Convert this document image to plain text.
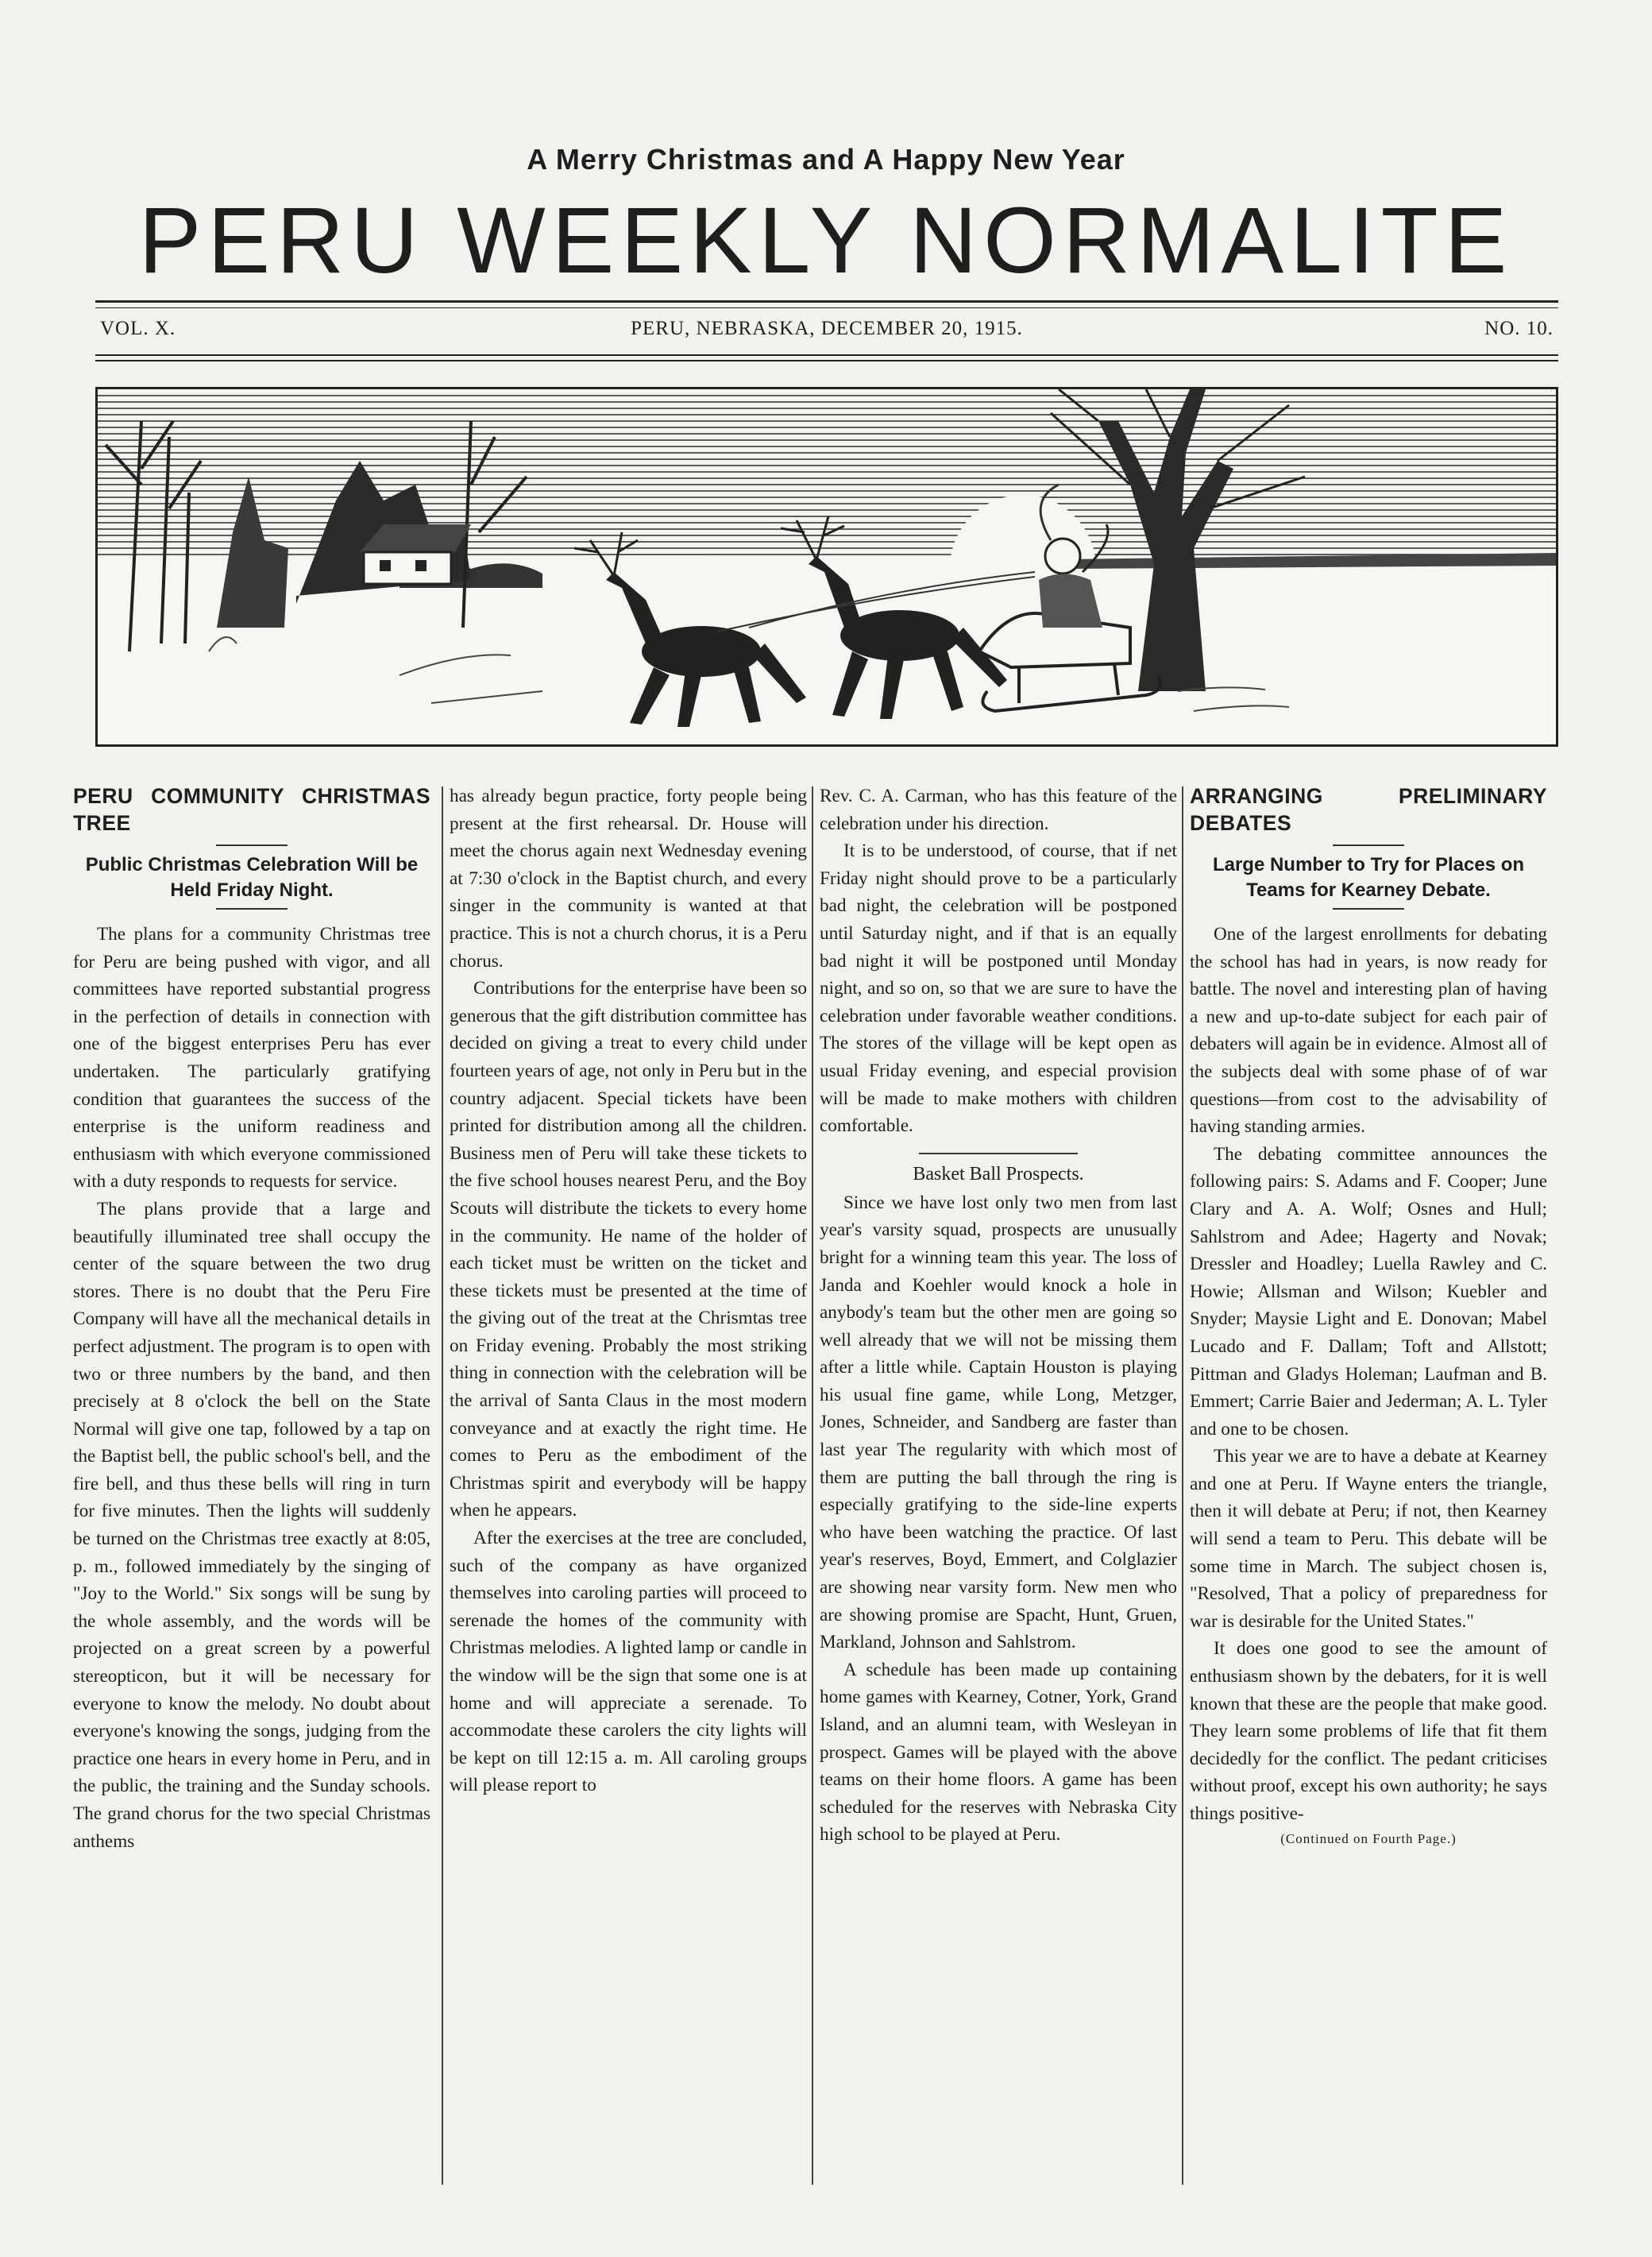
A Merry Christmas and A Happy New Year
PERU WEEKLY NORMALITE
VOL. X.	PERU, NEBRASKA, DECEMBER 20, 1915.	NO. 10.
PERU COMMUNITY CHRISTMAS TREE
Public Christmas Celebration Will be Held Friday Night.

The plans for a community Christmas tree for Peru are being pushed with vigor, and all committees have reported substantial progress in the perfection of details in connection with one of the biggest enterprises Peru has ever undertaken. The particularly gratifying condition that guarantees the success of the enterprise is the uniform readiness and enthusiasm with which everyone commissioned with a duty responds to requests for service.

The plans provide that a large and beautifully illuminated tree shall occupy the center of the square between the two drug stores. There is no doubt that the Peru Fire Company will have all the mechanical details in perfect adjustment. The program is to open with two or three numbers by the band, and then precisely at 8 o'clock the bell on the State Normal will give one tap, followed by a tap on the Baptist bell, the public school's bell, and the fire bell, and thus these bells will ring in turn for five minutes. Then the lights will suddenly be turned on the Christmas tree exactly at 8:05, p. m., followed immediately by the singing of "Joy to the World." Six songs will be sung by the whole assembly, and the words will be projected on a great screen by a powerful stereopticon, but it will be necessary for everyone to know the melody. No doubt about everyone's knowing the songs, judging from the practice one hears in every home in Peru, and in the public, the training and the Sunday schools. The grand chorus for the two special Christmas anthems

has already begun practice, forty people being present at the first rehearsal. Dr. House will meet the chorus again next Wednesday evening at 7:30 o'clock in the Baptist church, and every singer in the community is wanted at that practice. This is not a church chorus, it is a Peru chorus.

Contributions for the enterprise have been so generous that the gift distribution committee has decided on giving a treat to every child under fourteen years of age, not only in Peru but in the country adjacent. Special tickets have been printed for distribution among all the children. Business men of Peru will take these tickets to the five school houses nearest Peru, and the Boy Scouts will distribute the tickets to every home in the community. He name of the holder of each ticket must be written on the ticket and these tickets must be presented at the time of the giving out of the treat at the Chrismtas tree on Friday evening. Probably the most striking thing in connection with the celebration will be the arrival of Santa Claus in the most modern conveyance and at exactly the right time. He comes to Peru as the embodiment of the Christmas spirit and everybody will be happy when he appears.

After the exercises at the tree are concluded, such of the company as have organized themselves into caroling parties will proceed to serenade the homes of the community with Christmas melodies. A lighted lamp or candle in the window will be the sign that some one is at home and will appreciate a serenade. To accommodate these carolers the city lights will be kept on till 12:15 a. m. All caroling groups will please report to

Rev. C. A. Carman, who has this feature of the celebration under his direction.

It is to be understood, of course, that if net Friday night should prove to be a particularly bad night, the celebration will be postponed until Saturday night, and if that is an equally bad night it will be postponed until Monday night, and so on, so that we are sure to have the celebration under favorable weather conditions. The stores of the village will be kept open as usual Friday evening, and especial provision will be made to make mothers with children comfortable.

Basket Ball Prospects.

Since we have lost only two men from last year's varsity squad, prospects are unusually bright for a winning team this year. The loss of Janda and Koehler would knock a hole in anybody's team but the other men are going so well already that we will not be missing them after a little while. Captain Houston is playing his usual fine game, while Long, Metzger, Jones, Schneider, and Sandberg are faster than last year The regularity with which most of them are putting the ball through the ring is especially gratifying to the side-line experts who have been watching the practice. Of last year's reserves, Boyd, Emmert, and Colglazier are showing near varsity form. New men who are showing promise are Spacht, Hunt, Gruen, Markland, Johnson and Sahlstrom.

A schedule has been made up containing home games with Kearney, Cotner, York, Grand Island, and an alumni team, with Wesleyan in prospect. Games will be played with the above teams on their home floors. A game has been scheduled for the reserves with Nebraska City high school to be played at Peru.

ARRANGING PRELIMINARY DEBATES
Large Number to Try for Places on Teams for Kearney Debate.

One of the largest enrollments for debating the school has had in years, is now ready for battle. The novel and interesting plan of having a new and up-to-date subject for each pair of debaters will again be in evidence. Almost all of the subjects deal with some phase of of war questions—from cost to the advisability of having standing armies.

The debating committee announces the following pairs: S. Adams and F. Cooper; June Clary and A. A. Wolf; Osnes and Hull; Sahlstrom and Adee; Hagerty and Novak; Dressler and Hoadley; Luella Rawley and C. Howie; Allsman and Wilson; Kuebler and Snyder; Maysie Light and E. Donovan; Mabel Lucado and F. Dallam; Toft and Allstott; Pittman and Gladys Holeman; Laufman and B. Emmert; Carrie Baier and Jederman; A. L. Tyler and one to be chosen.

This year we are to have a debate at Kearney and one at Peru. If Wayne enters the triangle, then it will debate at Peru; if not, then Kearney will send a team to Peru. This debate will be some time in March. The subject chosen is, "Resolved, That a policy of preparedness for war is desirable for the United States."

It does one good to see the amount of enthusiasm shown by the debaters, for it is well known that these are the people that make good. They learn some problems of life that fit them decidedly for the conflict. The pedant criticises without proof, except his own authority; he says things positive-

(Continued on Fourth Page.)
